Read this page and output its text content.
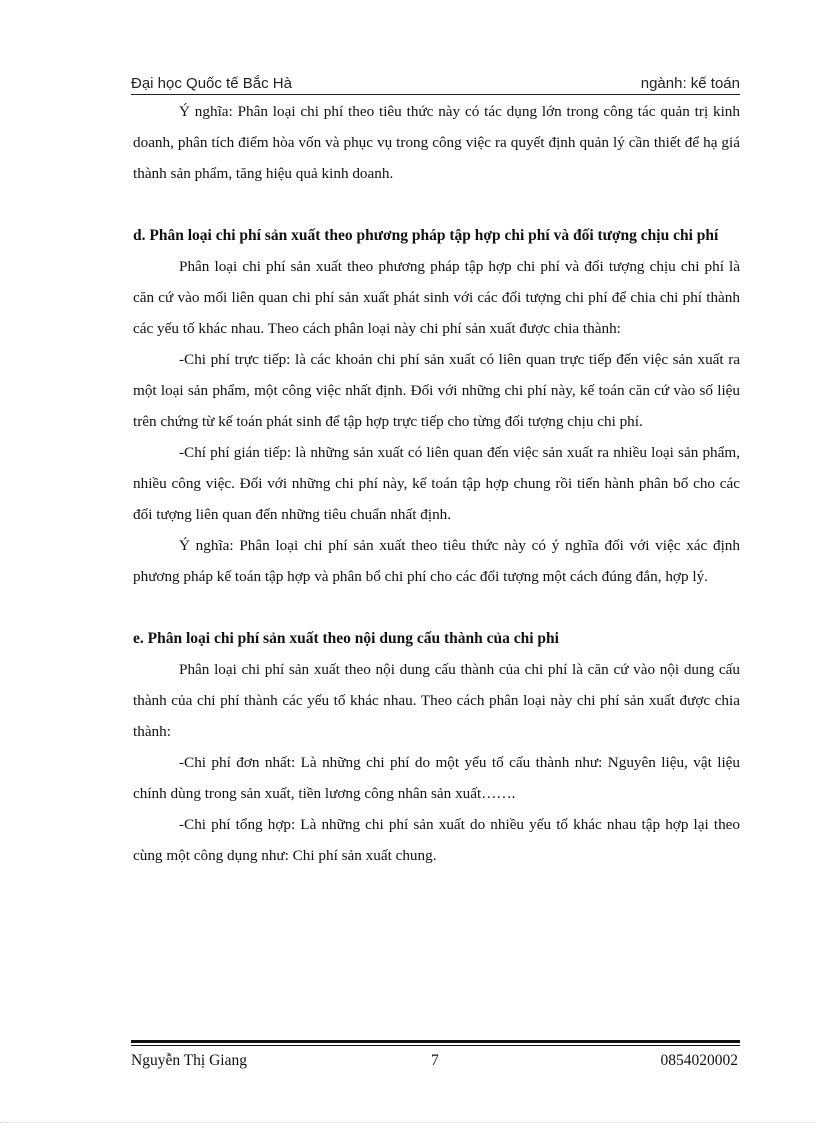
Đại học Quốc tế Bắc Hà	ngành: kế toán

Ý nghĩa: Phân loại chi phí theo tiêu thức này có tác dụng lớn trong công tác quản trị kinh doanh, phân tích điểm hòa vốn và phục vụ trong công việc ra quyết định quản lý cần thiết để hạ giá thành sản phẩm, tăng hiệu quả kinh doanh.

d. Phân loại chi phí sản xuất theo phương pháp tập hợp chi phí và đối tượng chịu chi phí

Phân loại chi phí sản xuất theo phương pháp tập hợp chi phí và đối tượng chịu chi phí là căn cứ vào mối liên quan chi phí sản xuất phát sinh với các đối tượng chi phí để chia chi phí thành các yếu tố khác nhau. Theo cách phân loại này chi phí sản xuất được chia thành:

-Chi phí trực tiếp: là các khoản chi phí sản xuất có liên quan trực tiếp đến việc sản xuất ra một loại sản phẩm, một công việc nhất định. Đối với những chi phí này, kế toán căn cứ vào số liệu trên chứng từ kế toán phát sinh để tập hợp trực tiếp cho từng đối tượng chịu chi phí.

-Chí phí gián tiếp: là những sản xuất có liên quan đến việc sản xuất ra nhiều loại sản phẩm, nhiều công việc. Đối với những chi phí này, kế toán tập hợp chung rồi tiến hành phân bổ cho các đối tượng liên quan đến những tiêu chuẩn nhất định.

Ý nghĩa: Phân loại chi phí sản xuất theo tiêu thức này có ý nghĩa đối với việc xác định phương pháp kế toán tập hợp và phân bổ chi phí cho các đối tượng một cách đúng đắn, hợp lý.

e. Phân loại chi phí sản xuất theo nội dung cấu thành của chi phi

Phân loại chi phí sản xuất theo nội dung cấu thành của chi phí là căn cứ vào nội dung cấu thành của chi phí thành các yếu tố khác nhau. Theo cách phân loại này chi phí sản xuất được chia thành:

-Chi phí đơn nhất: Là những chi phí do một yếu tố cấu thành như: Nguyên liệu, vật liệu chính dùng trong sản xuất, tiền lương công nhân sản xuất…….

-Chi phí tổng hợp: Là những chi phí sản xuất do nhiều yếu tố khác nhau tập hợp lại theo cùng một công dụng như: Chi phí sản xuất chung.

Nguyễn Thị Giang	7	0854020002
